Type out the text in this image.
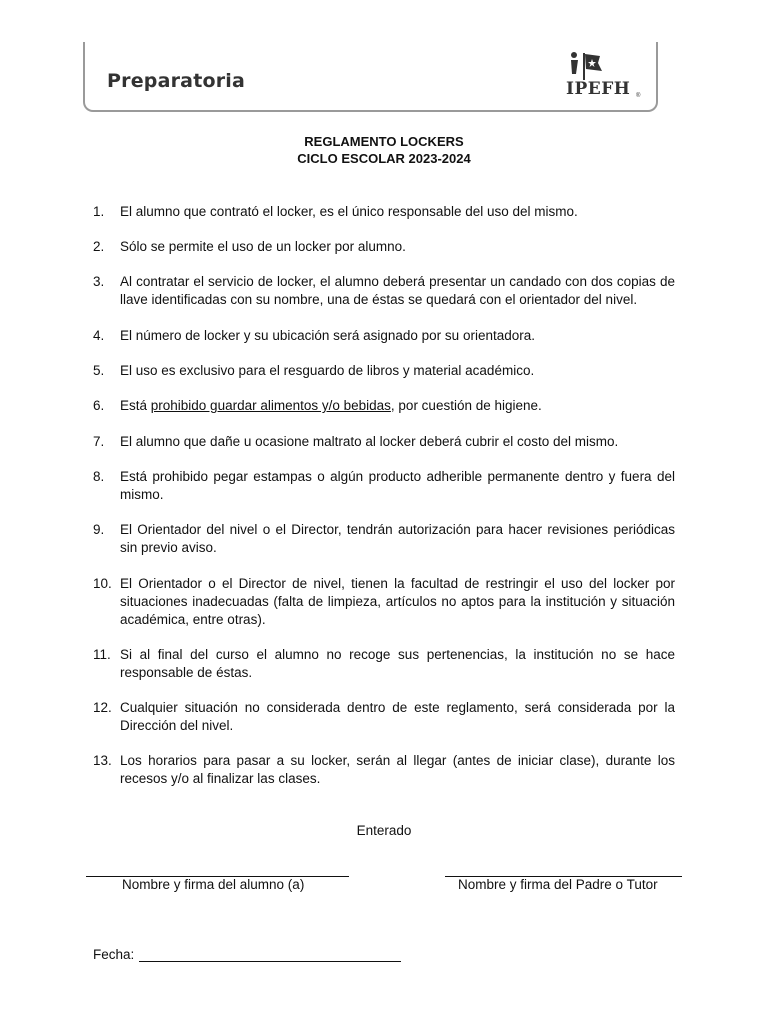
Preparatoria	IPEFH ®
REGLAMENTO LOCKERS
CICLO ESCOLAR 2023-2024
1.	El alumno que contrató el locker, es el único responsable del uso del mismo.
2.	Sólo se permite el uso de un locker por alumno.
3.	Al contratar el servicio de locker, el alumno deberá presentar un candado con dos copias de llave identificadas con su nombre, una de éstas se quedará con el orientador del nivel.
4.	El número de locker y su ubicación será asignado por su orientadora.
5.	El uso es exclusivo para el resguardo de libros y material académico.
6.	Está prohibido guardar alimentos y/o bebidas, por cuestión de higiene.
7.	El alumno que dañe u ocasione maltrato al locker deberá cubrir el costo del mismo.
8.	Está prohibido pegar estampas o algún producto adherible permanente dentro y fuera del mismo.
9.	El Orientador del nivel o el Director, tendrán autorización para hacer revisiones periódicas sin previo aviso.
10. El Orientador o el Director de nivel, tienen la facultad de restringir el uso del locker por situaciones inadecuadas (falta de limpieza, artículos no aptos para la institución y situación académica, entre otras).
11. Si al final del curso el alumno no recoge sus pertenencias, la institución no se hace responsable de éstas.
12. Cualquier situación no considerada dentro de este reglamento, será considerada por la Dirección del nivel.
13. Los horarios para pasar a su locker, serán al llegar (antes de iniciar clase), durante los recesos y/o al finalizar las clases.
Enterado
Nombre y firma del alumno (a)	Nombre y firma del Padre o Tutor
Fecha:
